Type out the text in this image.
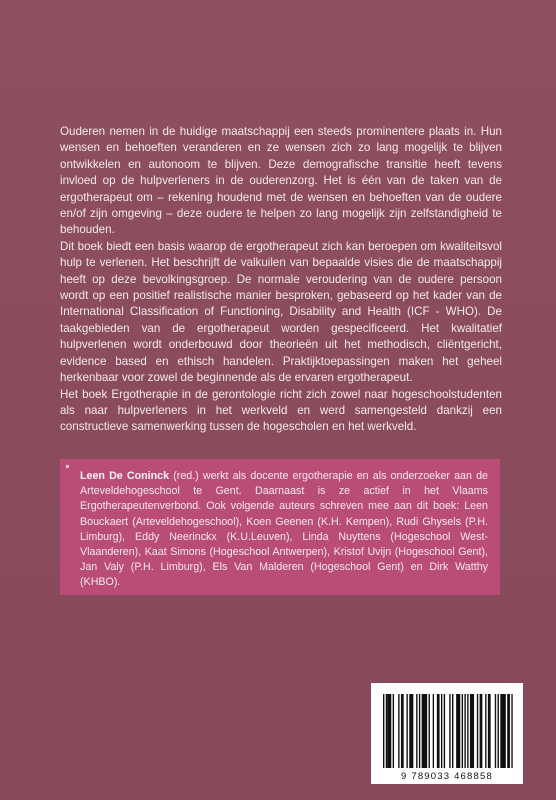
Ouderen nemen in de huidige maatschappij een steeds prominentere plaats in. Hun wensen en behoeften veranderen en ze wensen zich zo lang mogelijk te blijven ontwikkelen en autonoom te blijven. Deze demografische transitie heeft tevens invloed op de hulpverleners in de ouderenzorg. Het is één van de taken van de ergotherapeut om – rekening houdend met de wensen en behoeften van de oudere en/of zijn omgeving – deze oudere te helpen zo lang mogelijk zijn zelfstandigheid te behouden.

Dit boek biedt een basis waarop de ergotherapeut zich kan beroepen om kwaliteitsvol hulp te verlenen. Het beschrijft de valkuilen van bepaalde visies die de maatschappij heeft op deze bevolkingsgroep. De normale veroudering van de oudere persoon wordt op een positief realistische manier besproken, gebaseerd op het kader van de International Classification of Functioning, Disability and Health (ICF - WHO). De taakgebieden van de ergotherapeut worden gespecificeerd. Het kwalitatief hulpverlenen wordt onderbouwd door theorieën uit het methodisch, cliëntgericht, evidence based en ethisch handelen. Praktijktoepassingen maken het geheel herkenbaar voor zowel de beginnende als de ervaren ergotherapeut.

Het boek Ergotherapie in de gerontologie richt zich zowel naar hogeschoolstudenten als naar hulpverleners in het werkveld en werd samengesteld dankzij een constructieve samenwerking tussen de hogescholen en het werkveld.

Leen De Coninck (red.) werkt als docente ergotherapie en als onderzoeker aan de Arteveldehogeschool te Gent. Daarnaast is ze actief in het Vlaams Ergotherapeutenverbond. Ook volgende auteurs schreven mee aan dit boek: Leen Bouckaert (Arteveldehogeschool), Koen Geenen (K.H. Kempen), Rudi Ghysels (P.H. Limburg), Eddy Neerinckx (K.U.Leuven), Linda Nuyttens (Hogeschool West-Vlaanderen), Kaat Simons (Hogeschool Antwerpen), Kristof Uvijn (Hogeschool Gent), Jan Valy (P.H. Limburg), Els Van Malderen (Hogeschool Gent) en Dirk Watthy (KHBO).
9 789033 468858
